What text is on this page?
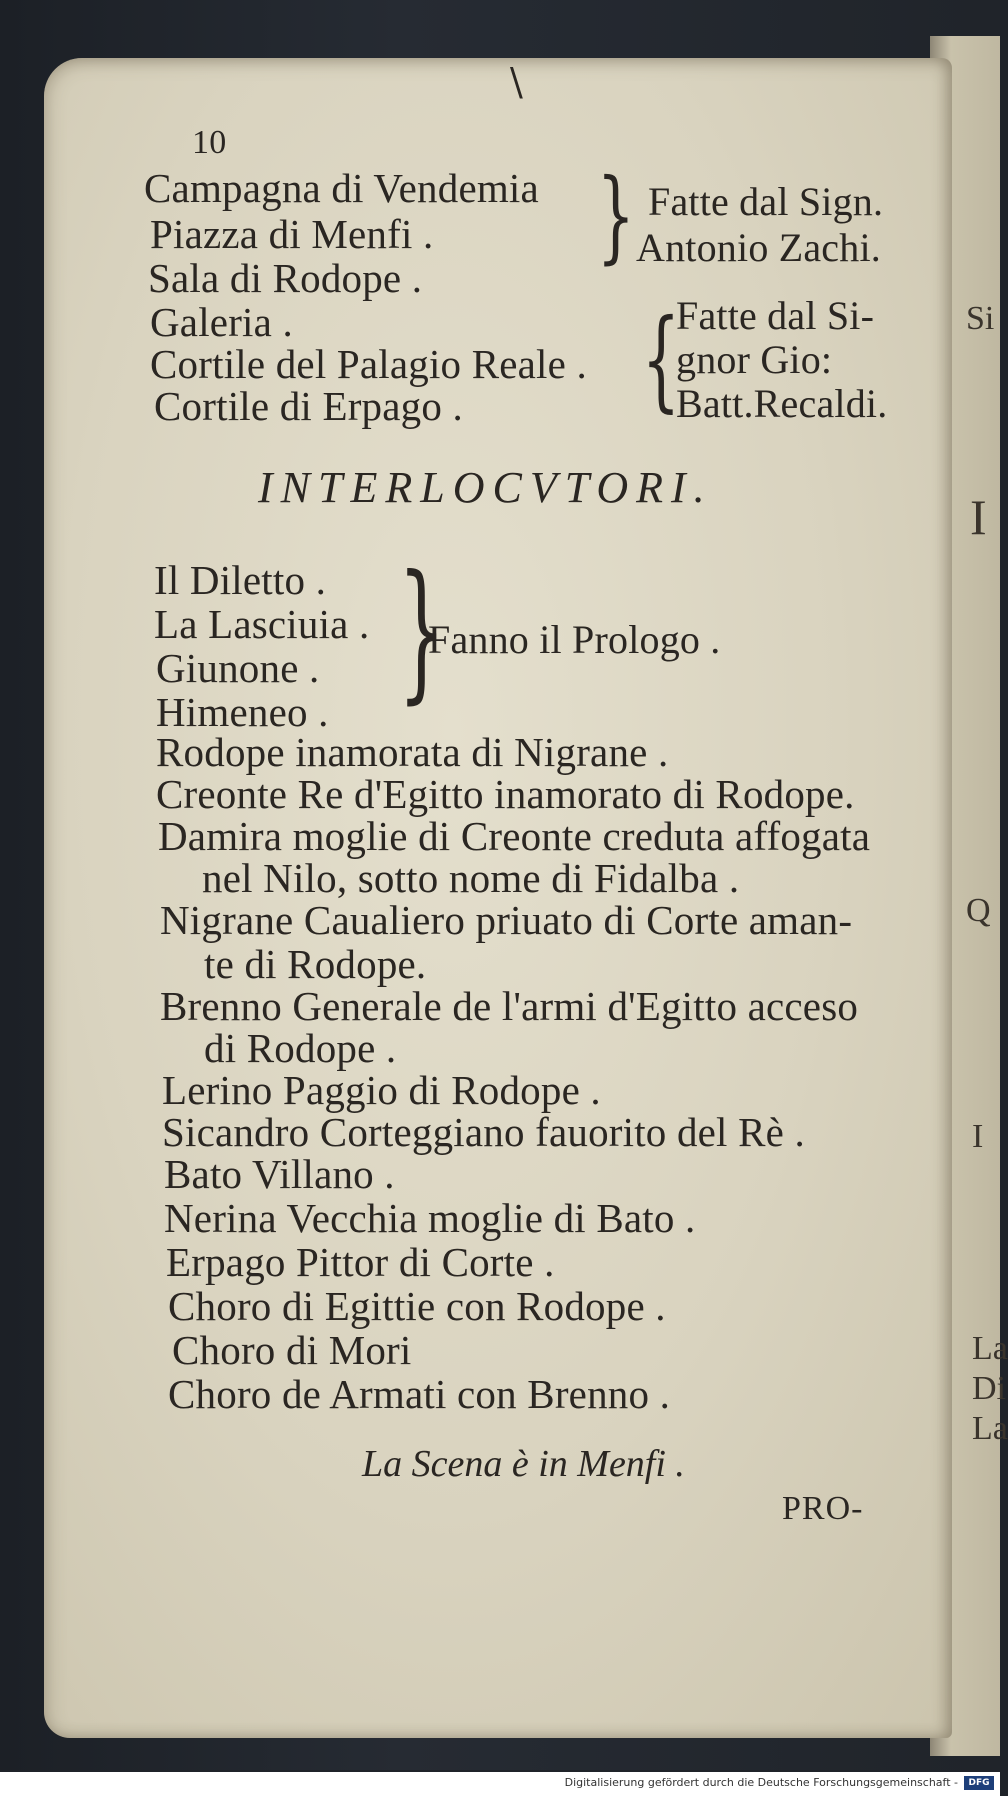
Si
I
Q
I
La
Di
La
\
10
Campagna di Vendemia
Piazza di Menfi .
Sala di Rodope .
} Fatte dal Sign.
Antonio Zachi.
Galeria .
Cortile del Palagio Reale .
Cortile di Erpago . {
Fatte dal Si-
gnor Gio:
Batt.Recaldi.
INTERLOCVTORI.
Il Diletto .
La Lasciuia .
Giunone .
Himeneo . }
Fanno il Prologo .
Rodope inamorata di Nigrane .
Creonte Re d'Egitto inamorato di Rodope.
Damira moglie di Creonte creduta affogata
nel Nilo, sotto nome di Fidalba .
Nigrane Caualiero priuato di Corte aman-
te di Rodope.
Brenno Generale de l'armi d'Egitto acceso
di Rodope .
Lerino Paggio di Rodope .
Sicandro Corteggiano fauorito del Rè .
Bato Villano .
Nerina Vecchia moglie di Bato .
Erpago Pittor di Corte .
Choro di Egittie con Rodope .
Choro di Mori
Choro de Armati con Brenno .
La Scena è in Menfi .
PRO-
Digitalisierung gefördert durch die Deutsche Forschungsgemeinschaft -	DFG
